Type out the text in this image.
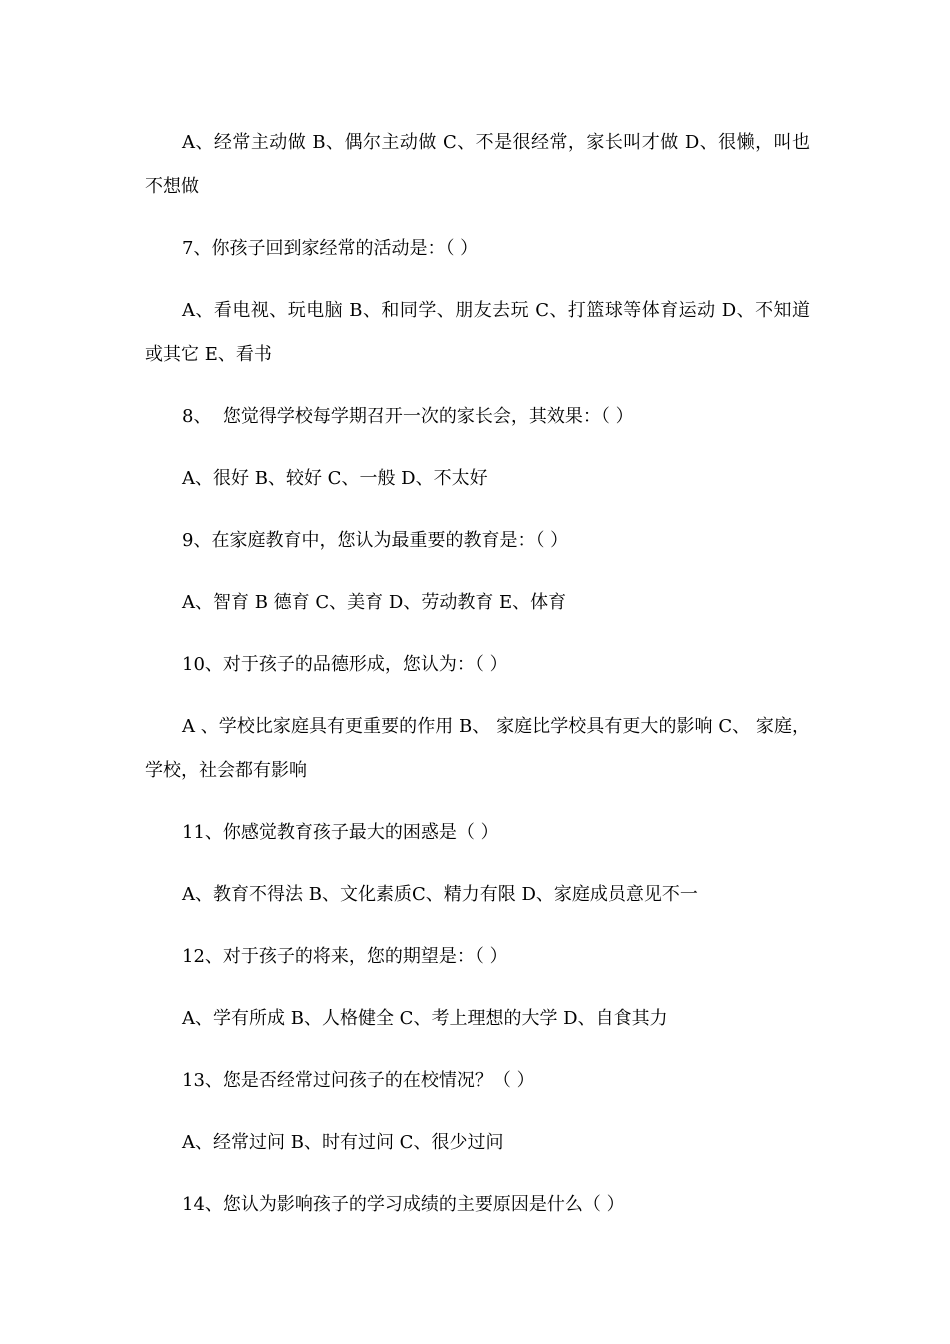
A、经常主动做 B、偶尔主动做 C、不是很经常，家长叫才做 D、很懒，叫也不想做

7、你孩子回到家经常的活动是：（ ）

A、看电视、玩电脑 B、和同学、朋友去玩 C、打篮球等体育运动 D、不知道或其它 E、看书

8、  您觉得学校每学期召开一次的家长会，其效果：（ ）

A、很好 B、较好 C、一般 D、不太好

9、在家庭教育中，您认为最重要的教育是：（ ）

A、智育 B 德育 C、美育 D、劳动教育 E、体育

10、对于孩子的品德形成，您认为：（ ）

A 、学校比家庭具有更重要的作用 B、 家庭比学校具有更大的影响 C、 家庭，学校，社会都有影响

11、你感觉教育孩子最大的困惑是（ ）

A、教育不得法 B、文化素质C、精力有限 D、家庭成员意见不一

12、对于孩子的将来，您的期望是：（ ）

A、学有所成 B、人格健全 C、考上理想的大学 D、自食其力

13、您是否经常过问孩子的在校情况？（ ）

A、经常过问 B、时有过问 C、很少过问

14、您认为影响孩子的学习成绩的主要原因是什么（ ）
